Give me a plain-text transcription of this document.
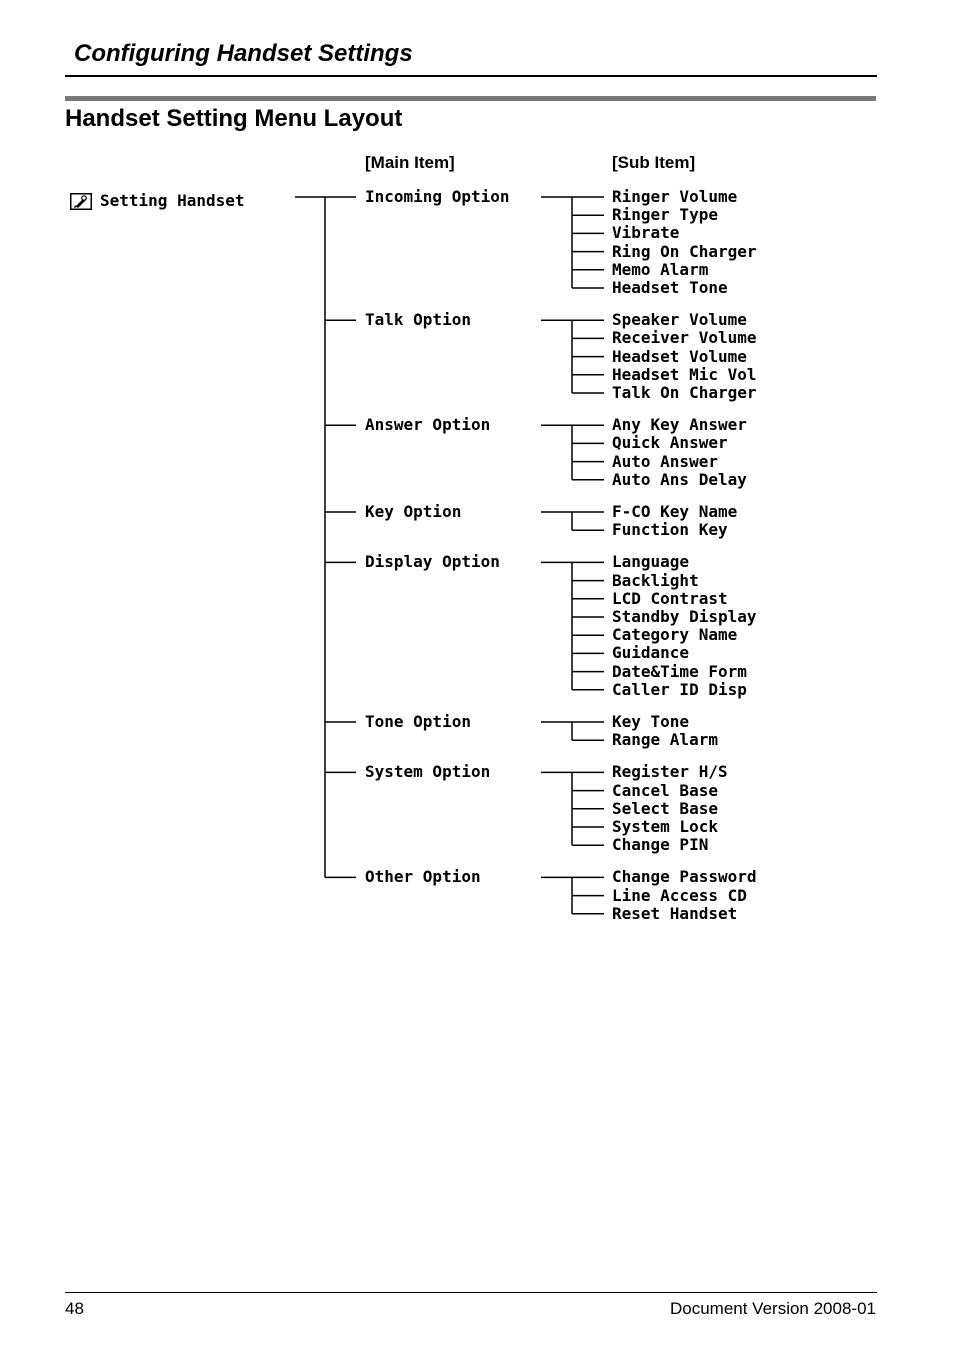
Configuring Handset Settings
Handset Setting Menu Layout
[Main Item]	[Sub Item]
Setting Handset	Incoming Option	Ringer Volume
Ringer Type
Vibrate
Ring On Charger
Memo Alarm
Headset Tone
Talk Option	Speaker Volume
Receiver Volume
Headset Volume
Headset Mic Vol
Talk On Charger
Answer Option	Any Key Answer
Quick Answer
Auto Answer
Auto Ans Delay
Key Option	F-CO Key Name
Function Key
Display Option	Language
Backlight
LCD Contrast
Standby Display
Category Name
Guidance
Date&Time Form
Caller ID Disp
Tone Option	Key Tone
Range Alarm
System Option	Register H/S
Cancel Base
Select Base
System Lock
Change PIN
Other Option	Change Password
Line Access CD
Reset Handset
48	Document Version 2008-01
